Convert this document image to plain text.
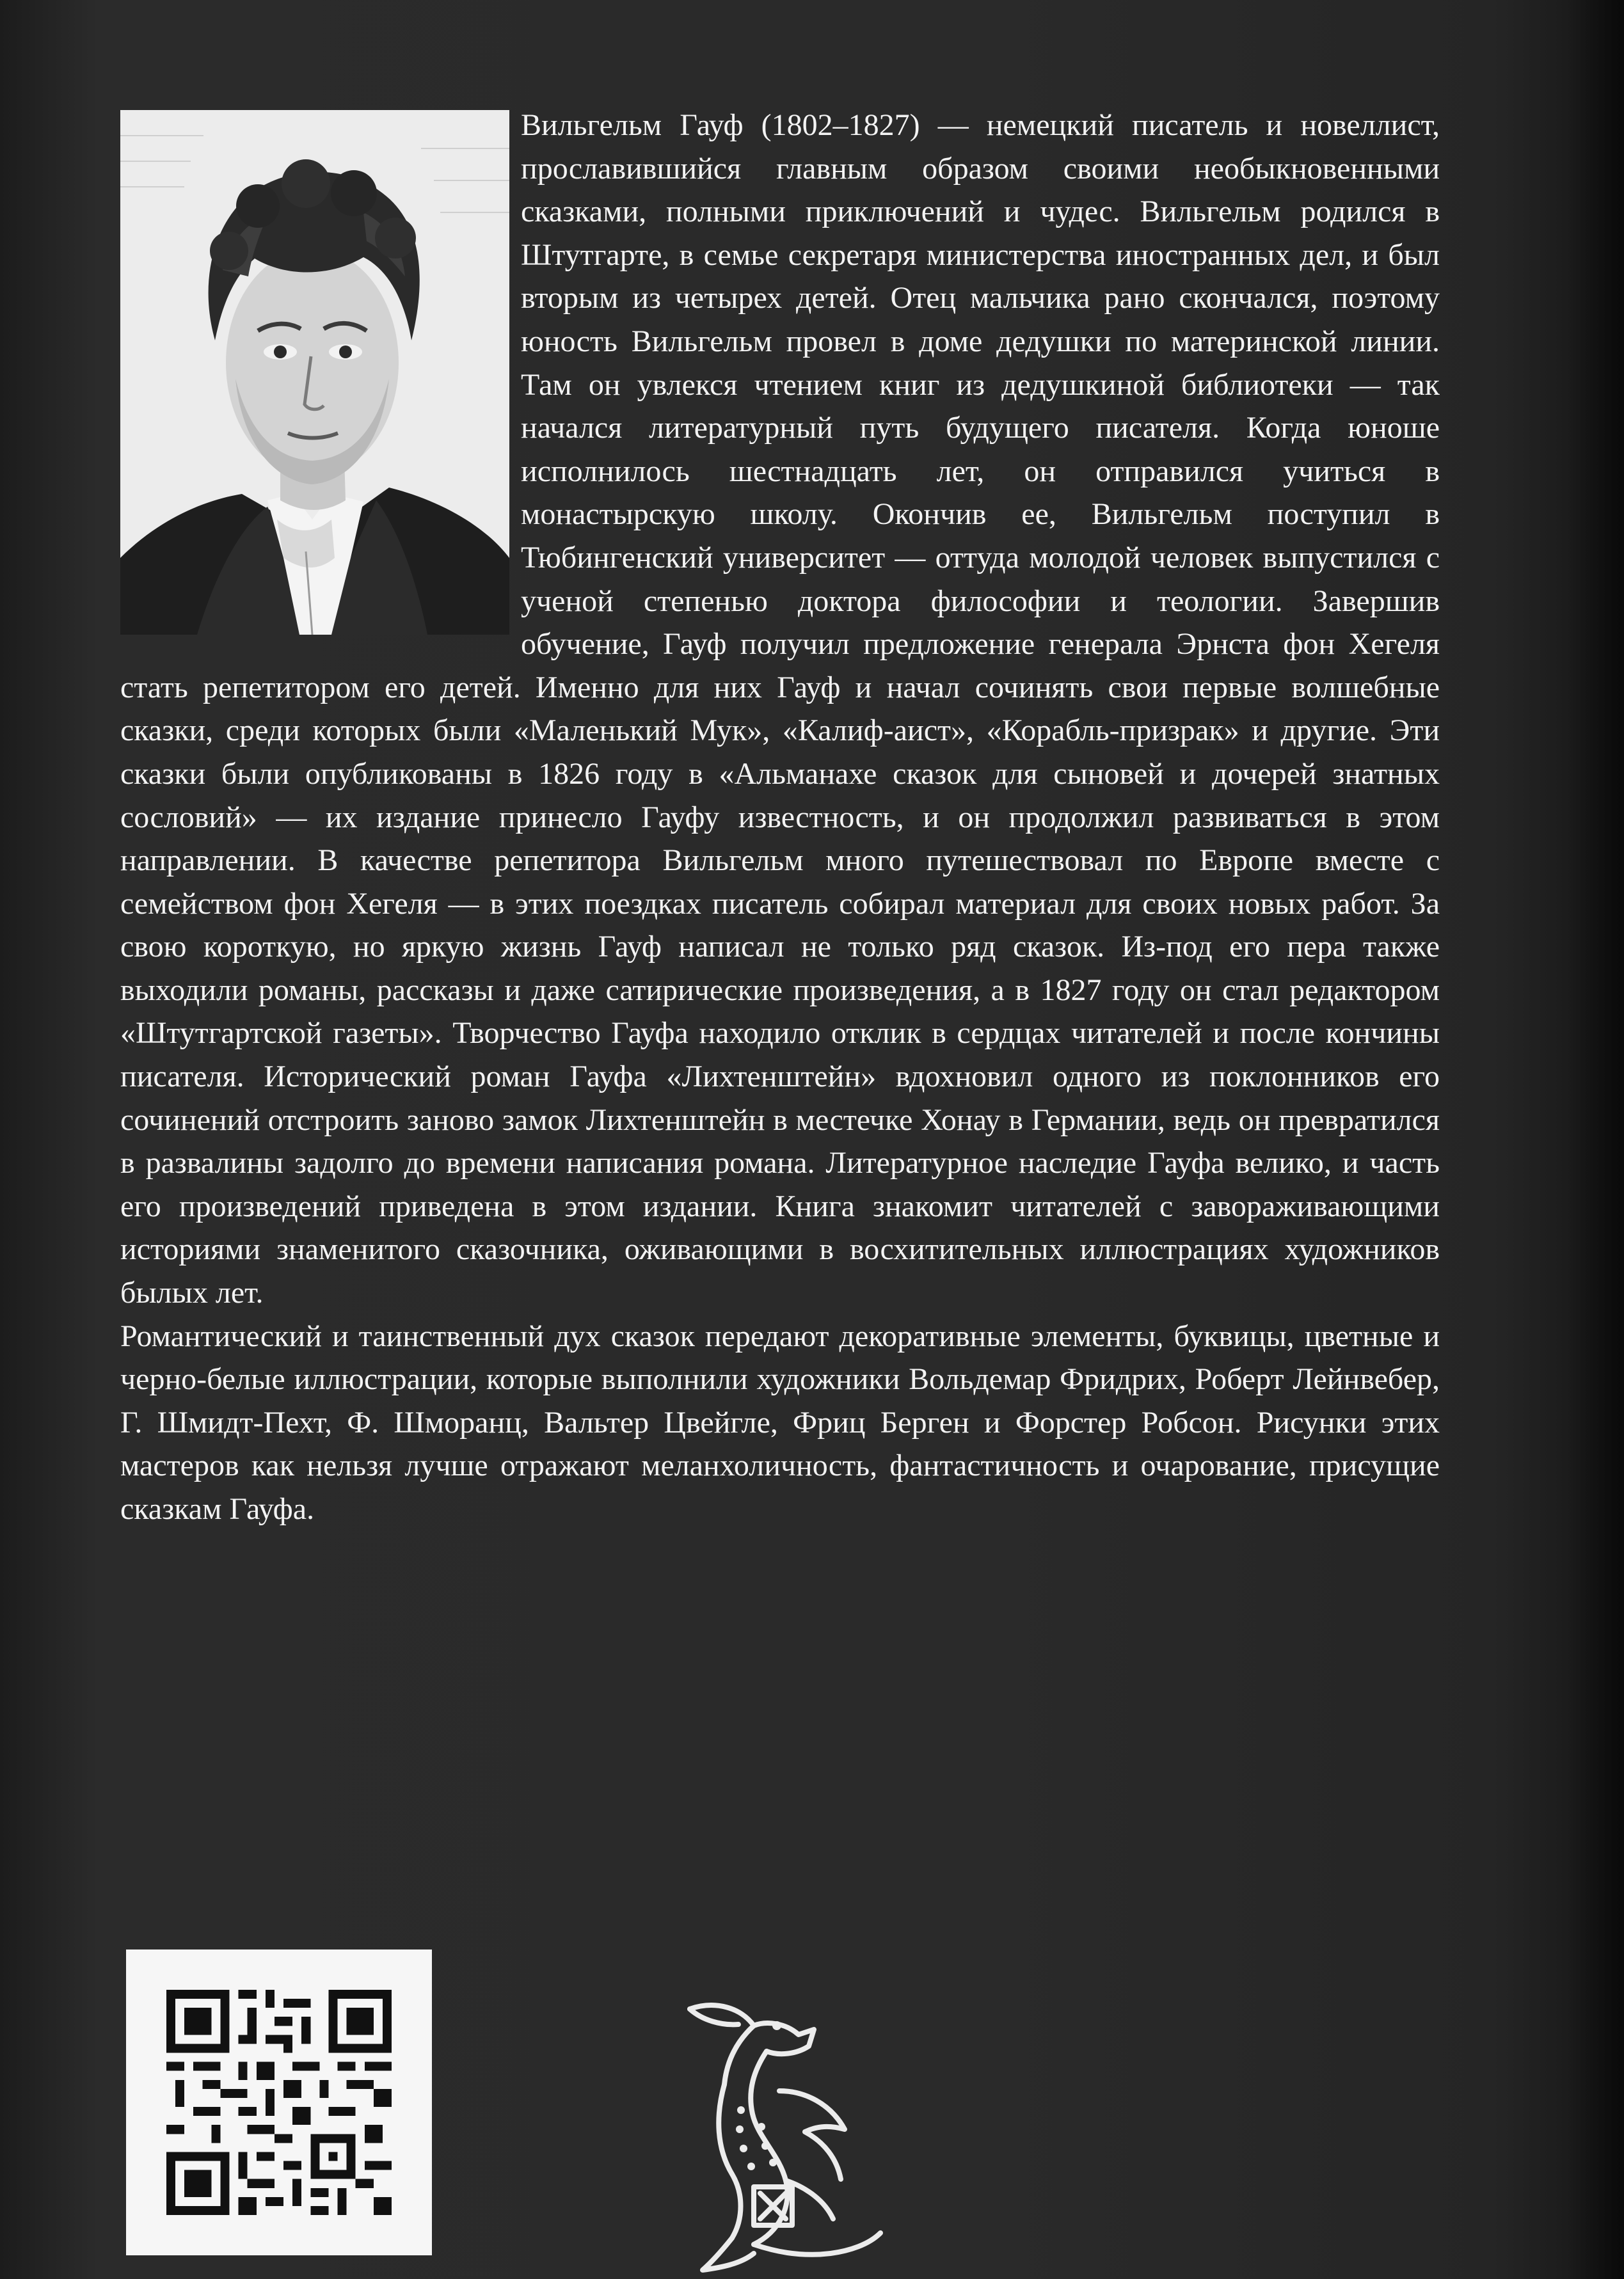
Вильгельм Гауф (1802–1827) — немецкий писатель и новеллист, прославившийся главным образом своими необыкновенными сказками, полными приключений и чудес. Вильгельм родился в Штутгарте, в семье секретаря министерства иностранных дел, и был вторым из четырех детей. Отец мальчика рано скончался, поэтому юность Вильгельм провел в доме дедушки по материнской линии. Там он увлекся чтением книг из дедушкиной библиотеки — так начался литературный путь будущего писателя. Когда юноше исполнилось шестнадцать лет, он отправился учиться в монастырскую школу. Окончив ее, Вильгельм поступил в Тюбингенский университет — оттуда молодой человек выпустился с ученой степенью доктора философии и теологии. Завершив обучение, Гауф получил предложение генерала Эрнста фон Хегеля стать репетитором его детей. Именно для них Гауф и начал сочинять свои первые волшебные сказки, среди которых были «Маленький Мук», «Калиф-аист», «Корабль-призрак» и другие. Эти сказки были опубликованы в 1826 году в «Альманахе сказок для сыновей и дочерей знатных сословий» — их издание принесло Гауфу известность, и он продолжил развиваться в этом направлении. В качестве репетитора Вильгельм много путешествовал по Европе вместе с семейством фон Хегеля — в этих поездках писатель собирал материал для своих новых работ. За свою короткую, но яркую жизнь Гауф написал не только ряд сказок. Из-под его пера также выходили романы, рассказы и даже сатирические произведения, а в 1827 году он стал редактором «Штутгартской газеты». Творчество Гауфа находило отклик в сердцах читателей и после кончины писателя. Исторический роман Гауфа «Лихтенштейн» вдохновил одного из поклонников его сочинений отстроить заново замок Лихтенштейн в местечке Хонау в Германии, ведь он превратился в развалины задолго до времени написания романа. Литературное наследие Гауфа велико, и часть его произведений приведена в этом издании. Книга знакомит читателей с завораживающими историями знаменитого сказочника, оживающими в восхитительных иллюстрациях художников былых лет.

Романтический и таинственный дух сказок передают декоративные элементы, буквицы, цветные и черно-белые иллюстрации, которые выполнили художники Вольдемар Фридрих, Роберт Лейнвебер, Г. Шмидт-Пехт, Ф. Шморанц, Вальтер Цвейгле, Фриц Берген и Форстер Робсон. Рисунки этих мастеров как нельзя лучше отражают меланхоличность, фантастичность и очарование, присущие сказкам Гауфа.
